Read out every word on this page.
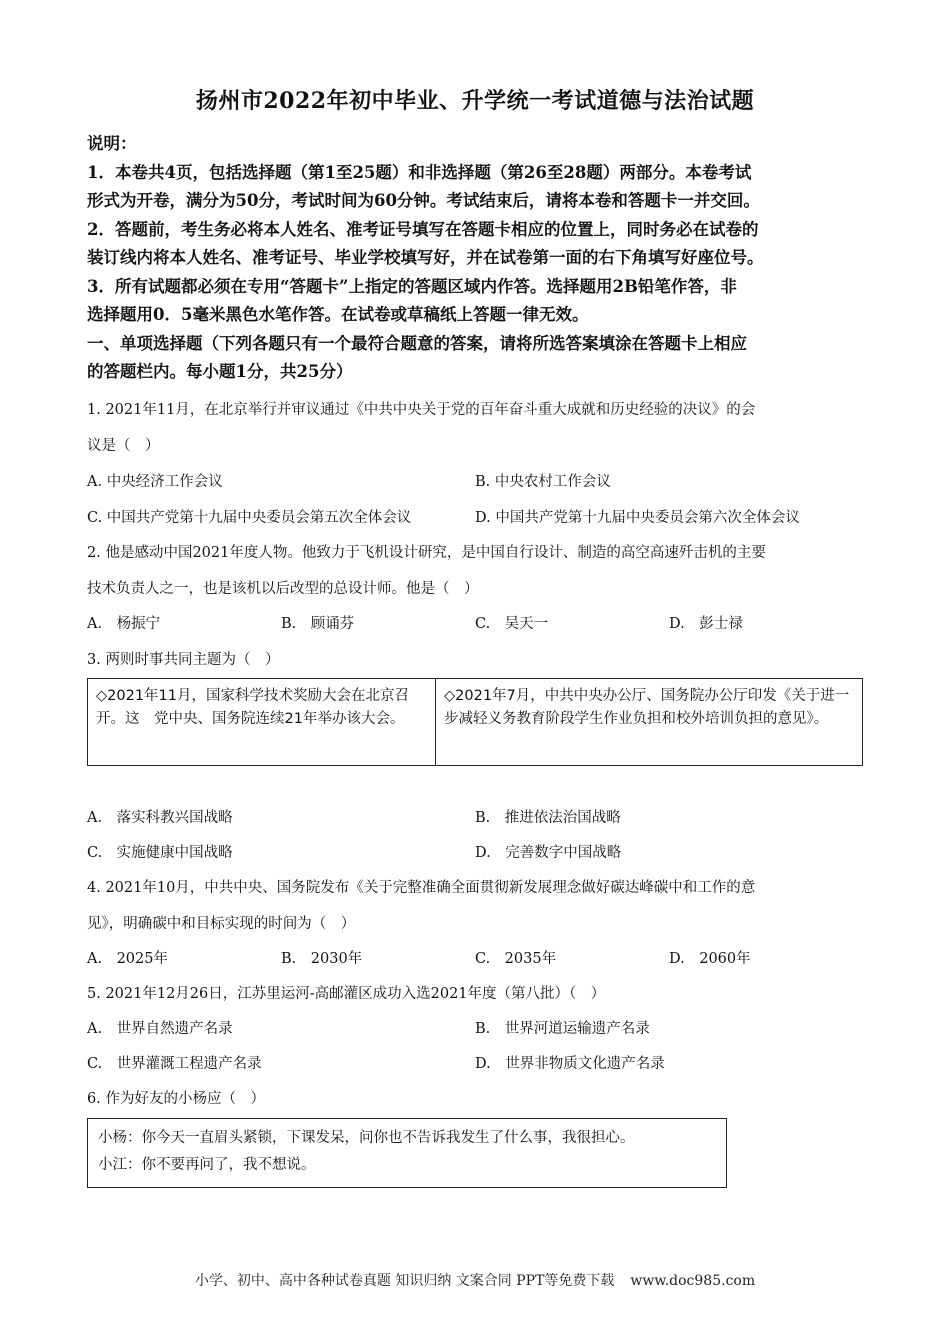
扬州市2022年初中毕业、升学统一考试道德与法治试题

说明：

1．本卷共4页，包括选择题（第1至25题）和非选择题（第26至28题）两部分。本卷考试

形式为开卷，满分为50分，考试时间为60分钟。考试结束后，请将本卷和答题卡一并交回。

2．答题前，考生务必将本人姓名、准考证号填写在答题卡相应的位置上，同时务必在试卷的

装订线内将本人姓名、准考证号、毕业学校填写好，并在试卷第一面的右下角填写好座位号。

3．所有试题都必须在专用“答题卡”上指定的答题区域内作答。选择题用2B铅笔作答，非

选择题用0．5毫米黑色水笔作答。在试卷或草稿纸上答题一律无效。

一、单项选择题（下列各题只有一个最符合题意的答案，请将所选答案填涂在答题卡上相应

的答题栏内。每小题1分，共25分）

1. 2021年11月，在北京举行并审议通过《中共中央关于党的百年奋斗重大成就和历史经验的决议》的会
议是（　）
A. 中央经济工作会议	B. 中央农村工作会议
C. 中国共产党第十九届中央委员会第五次全体会议	D. 中国共产党第十九届中央委员会第六次全体会议
2. 他是感动中国2021年度人物。他致力于飞机设计研究，是中国自行设计、制造的高空高速歼击机的主要
技术负责人之一，也是该机以后改型的总设计师。他是（　）
A.　杨振宁	B.　顾诵芬	C.　吴天一	D.　彭士禄
3. 两则时事共同主题为（　）
◇2021年11月，国家科学技术奖励大会在北京召开。这　党中央、国务院连续21年举办该大会。
◇2021年7月，中共中央办公厅、国务院办公厅印发《关于进一步减轻义务教育阶段学生作业负担和校外培训负担的意见》。
A.　落实科教兴国战略	B.　推进依法治国战略
C.　实施健康中国战略	D.　完善数字中国战略
4. 2021年10月，中共中央、国务院发布《关于完整准确全面贯彻新发展理念做好碳达峰碳中和工作的意
见》，明确碳中和目标实现的时间为（　）
A.　2025年	B.　2030年	C.　2035年	D.　2060年
5. 2021年12月26日，江苏里运河-高邮灌区成功入选2021年度（第八批）（　）
A.　世界自然遗产名录	B.　世界河道运输遗产名录
C.　世界灌溉工程遗产名录	D.　世界非物质文化遗产名录
6. 作为好友的小杨应（　）

小杨：你今天一直眉头紧锁，下课发呆，问你也不告诉我发生了什么事，我很担心。

小江：你不要再问了，我不想说。

小学、初中、高中各种试卷真题 知识归纳 文案合同 PPT等免费下载 www.doc985.com
